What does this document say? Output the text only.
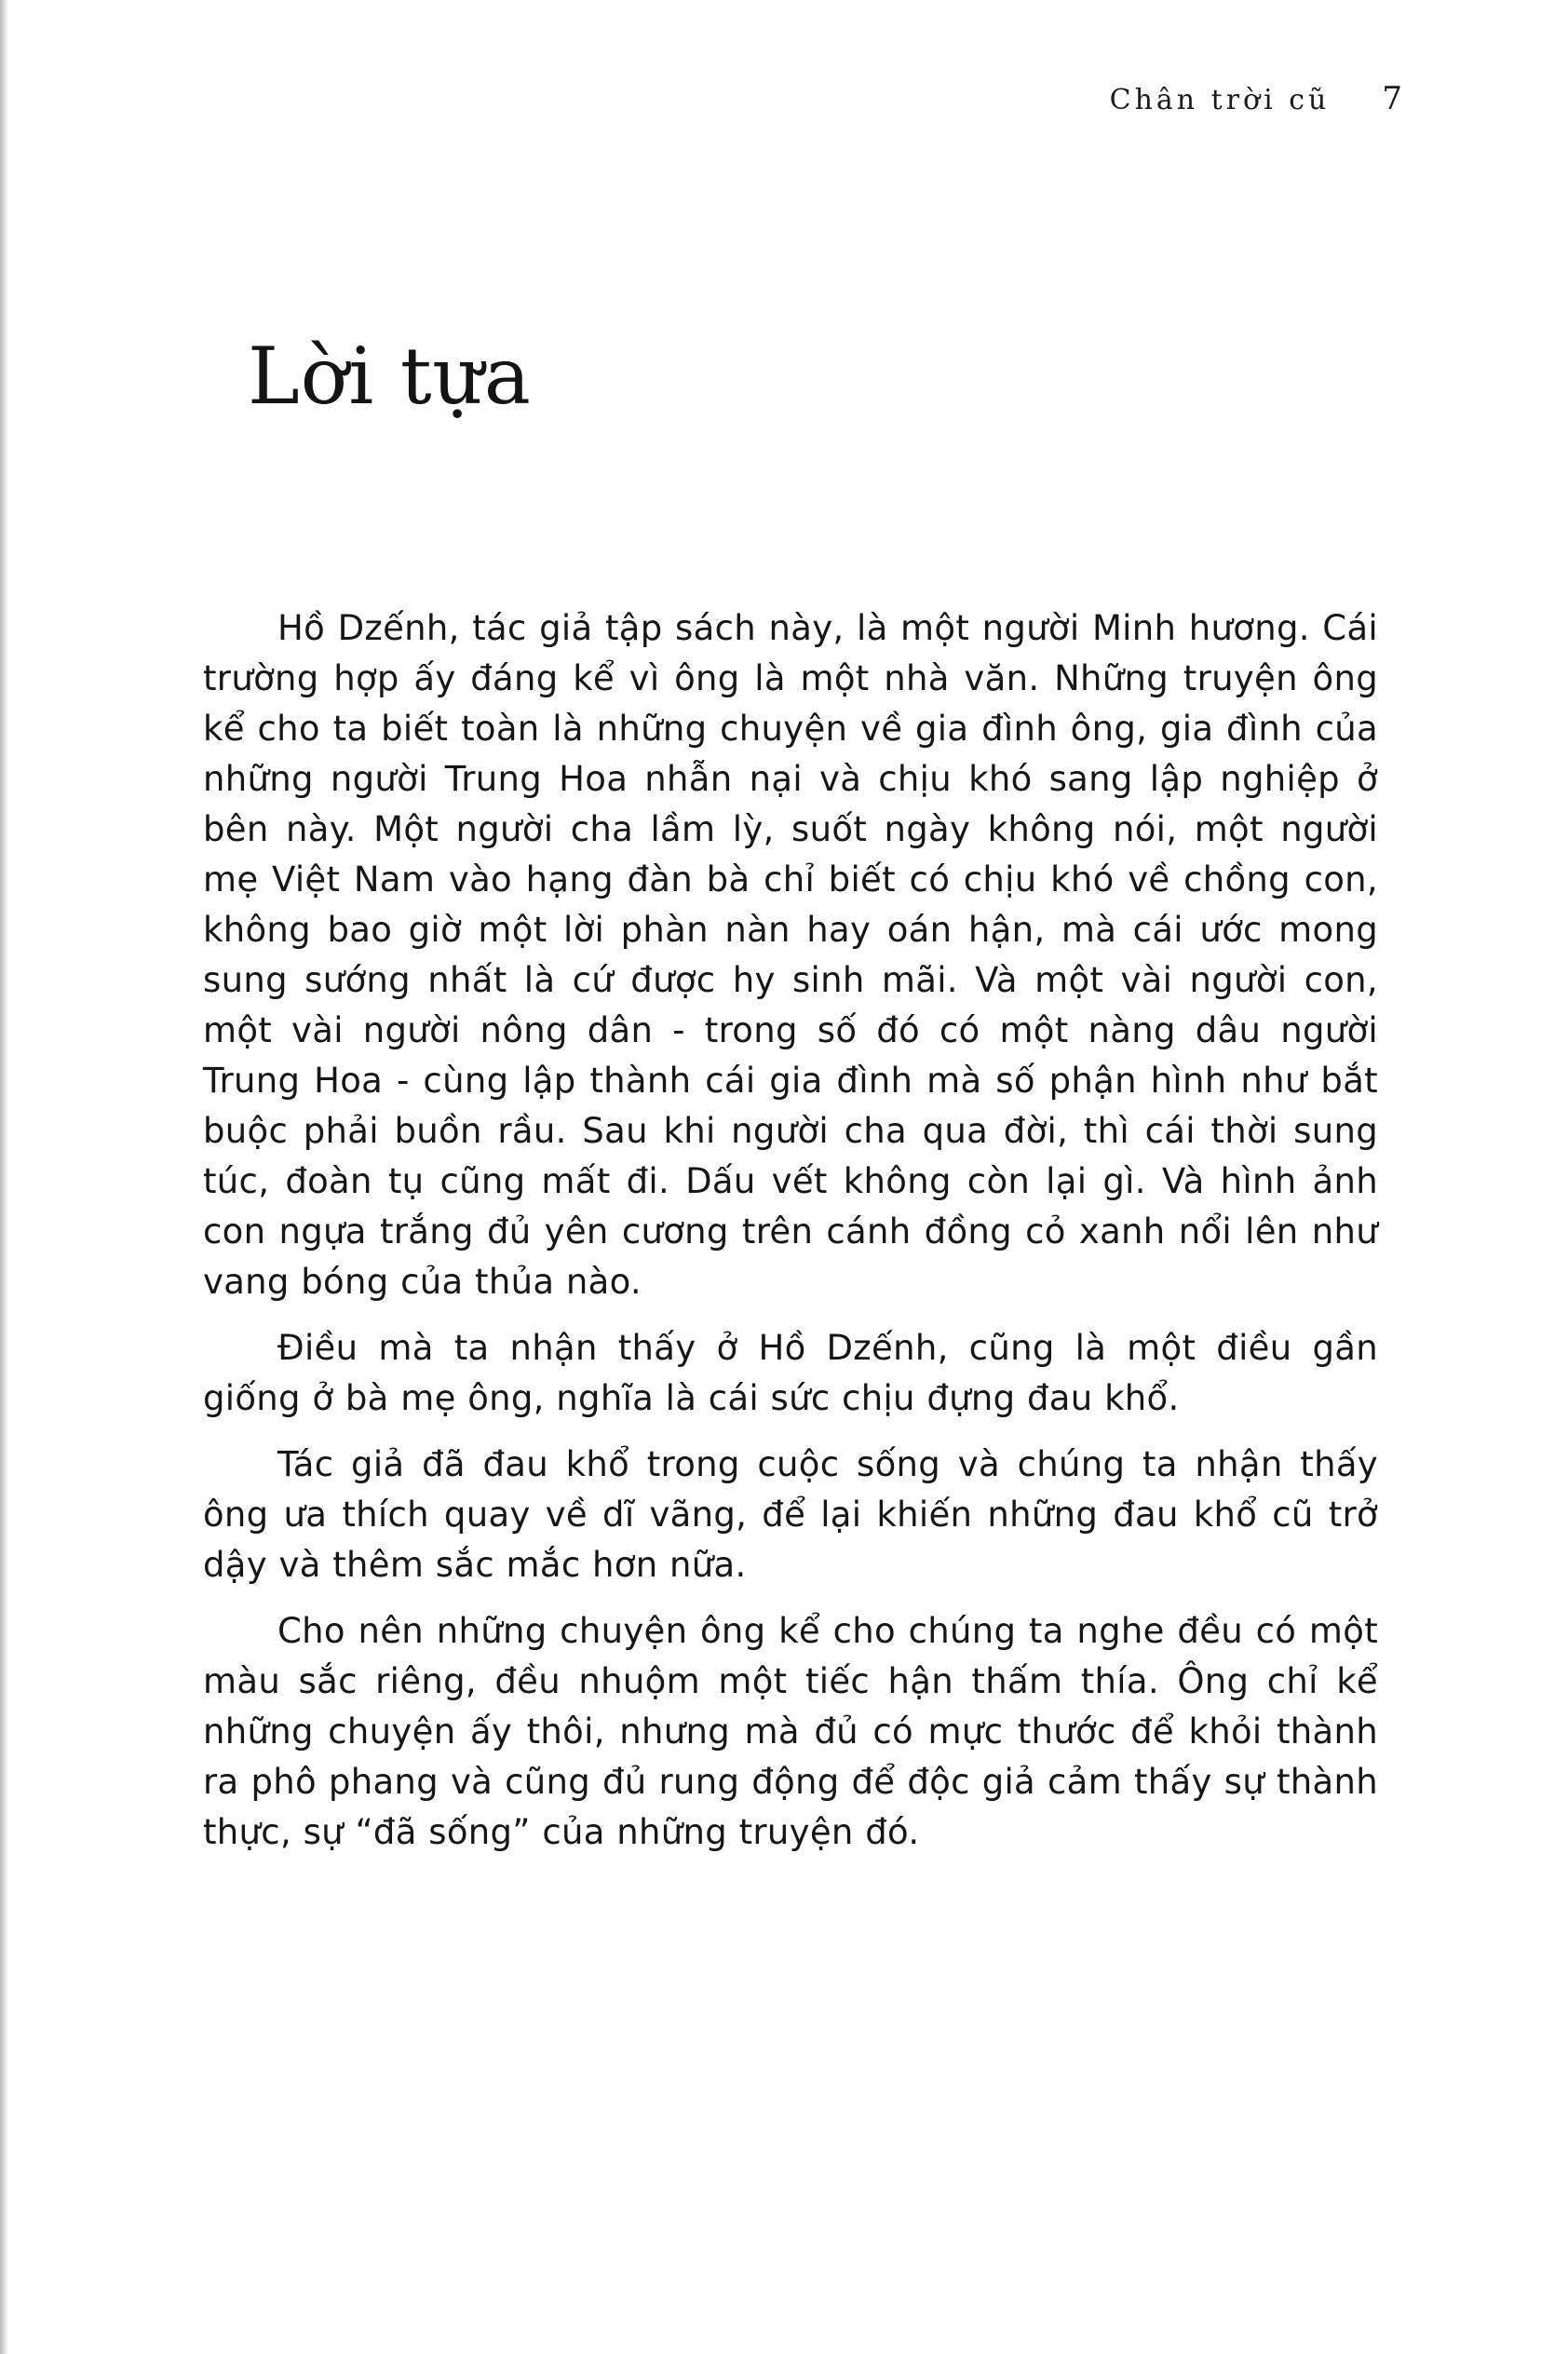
Chân trời cũ 7
Lời tựa

Hồ Dzếnh, tác giả tập sách này, là một người Minh hương. Cái trường hợp ấy đáng kể vì ông là một nhà văn. Những truyện ông kể cho ta biết toàn là những chuyện về gia đình ông, gia đình của những người Trung Hoa nhẫn nại và chịu khó sang lập nghiệp ở bên này. Một người cha lầm lỳ, suốt ngày không nói, một người mẹ Việt Nam vào hạng đàn bà chỉ biết có chịu khó về chồng con, không bao giờ một lời phàn nàn hay oán hận, mà cái ước mong sung sướng nhất là cứ được hy sinh mãi. Và một vài người con, một vài người nông dân - trong số đó có một nàng dâu người Trung Hoa - cùng lập thành cái gia đình mà số phận hình như bắt buộc phải buồn rầu. Sau khi người cha qua đời, thì cái thời sung túc, đoàn tụ cũng mất đi. Dấu vết không còn lại gì. Và hình ảnh con ngựa trắng đủ yên cương trên cánh đồng cỏ xanh nổi lên như vang bóng của thủa nào.

Điều mà ta nhận thấy ở Hồ Dzếnh, cũng là một điều gần giống ở bà mẹ ông, nghĩa là cái sức chịu đựng đau khổ.

Tác giả đã đau khổ trong cuộc sống và chúng ta nhận thấy ông ưa thích quay về dĩ vãng, để lại khiến những đau khổ cũ trở dậy và thêm sắc mắc hơn nữa.

Cho nên những chuyện ông kể cho chúng ta nghe đều có một màu sắc riêng, đều nhuộm một tiếc hận thấm thía. Ông chỉ kể những chuyện ấy thôi, nhưng mà đủ có mực thước để khỏi thành ra phô phang và cũng đủ rung động để độc giả cảm thấy sự thành thực, sự “đã sống” của những truyện đó.
